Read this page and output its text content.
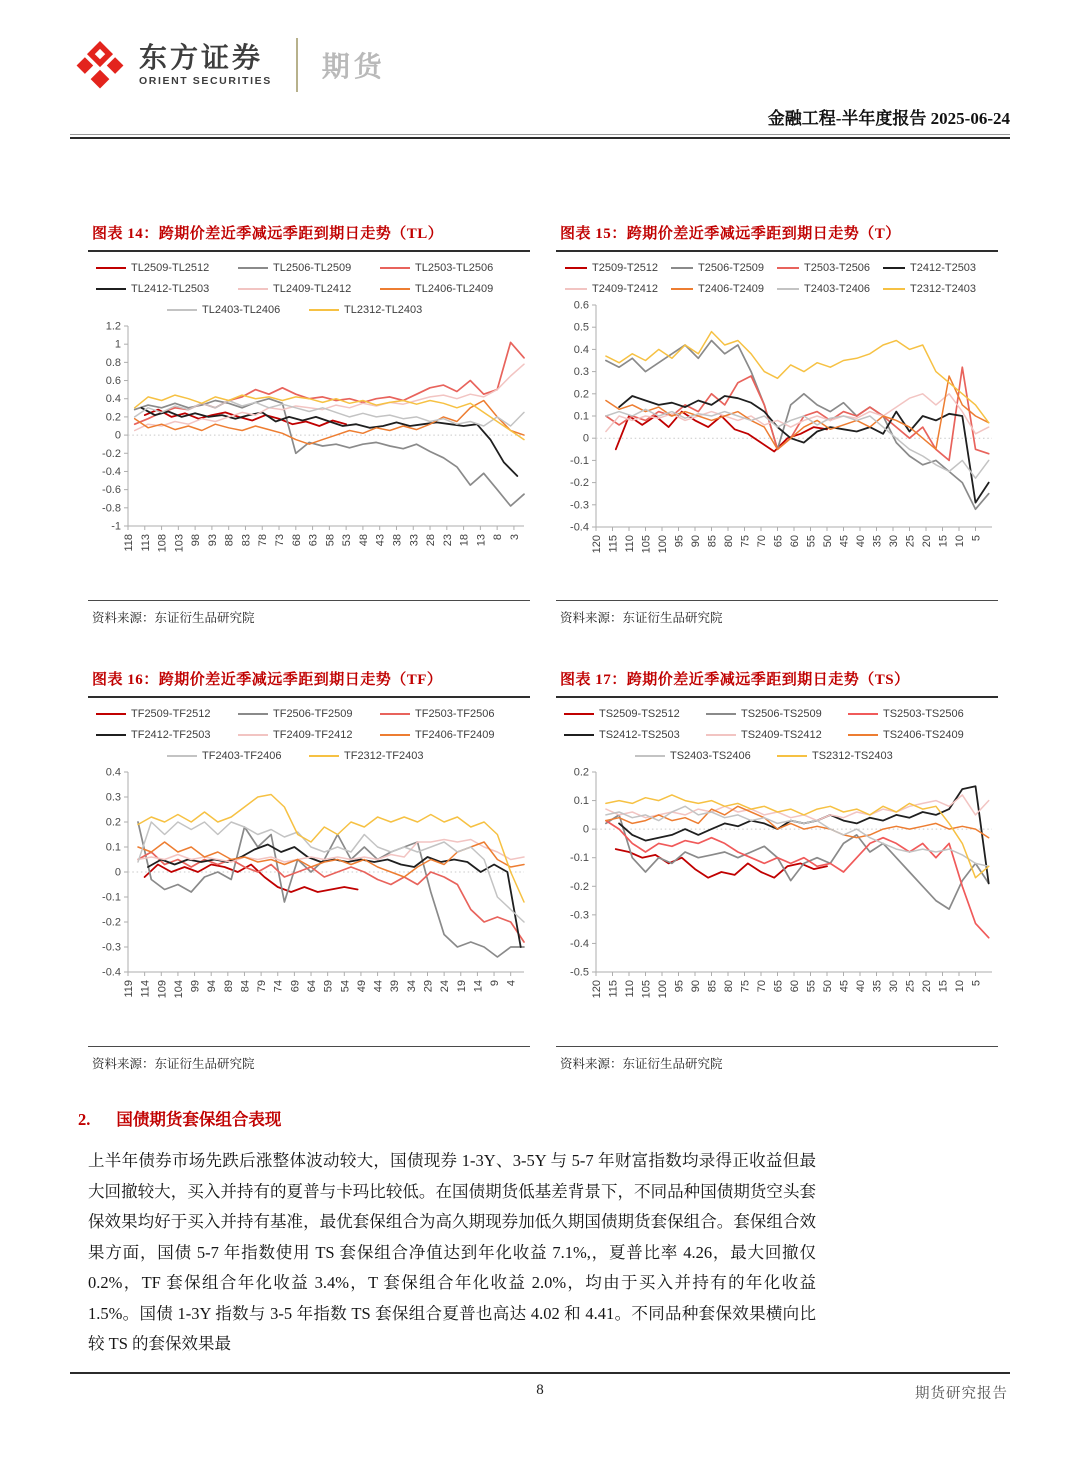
东方证券
ORIENT SECURITIES 期货
金融工程-半年度报告 2025-06-24
图表 14：跨期价差近季减远季距到期日走势（TL）
TL2509-TL2512	TL2506-TL2509	TL2503-TL2506
TL2412-TL2503	TL2409-TL2412	TL2406-TL2409
TL2403-TL2406	TL2312-TL2403
1.2
1
0.8
0.6
0.4
0.2
0
-0.2
-0.4
-0.6
-0.8
-1
118 113 108 103 98 93 88 83 78 73 68 63 58 53 48 43 38 33 28 23 18 13 8 3
资料来源：东证衍生品研究院
图表 15：跨期价差近季减远季距到期日走势（T）
T2509-T2512	T2506-T2509	T2503-T2506	T2412-T2503
T2409-T2412	T2406-T2409	T2403-T2406	T2312-T2403
0.6
0.5
0.4
0.3
0.2
0.1
0
-0.1
-0.2
-0.3
-0.4
120 115 110 105 100 95 90 85 80 75 70 65 60 55 50 45 40 35 30 25 20 15 10 5
资料来源：东证衍生品研究院
图表 16：跨期价差近季减远季距到期日走势（TF）
TF2509-TF2512	TF2506-TF2509	TF2503-TF2506
TF2412-TF2503	TF2409-TF2412	TF2406-TF2409
TF2403-TF2406	TF2312-TF2403
0.4
0.3
0.2
0.1
0
-0.1
-0.2
-0.3
-0.4
119 114 109 104 99 94 89 84 79 74 69 64 59 54 49 44 39 34 29 24 19 14 9 4
资料来源：东证衍生品研究院
图表 17：跨期价差近季减远季距到期日走势（TS）
TS2509-TS2512	TS2506-TS2509	TS2503-TS2506
TS2412-TS2503	TS2409-TS2412	TS2406-TS2409
TS2403-TS2406	TS2312-TS2403
0.2
0.1
0
-0.1
-0.2
-0.3
-0.4
-0.5
120 115 110 105 100 95 90 85 80 75 70 65 60 55 50 45 40 35 30 25 20 15 10 5
资料来源：东证衍生品研究院
2. 国债期货套保组合表现
上半年债券市场先跌后涨整体波动较大，国债现券 1-3Y、3-5Y 与 5-7 年财富指数均录得正收益但最大回撤较大，买入并持有的夏普与卡玛比较低。在国债期货低基差背景下，不同品种国债期货空头套保效果均好于买入并持有基准，最优套保组合为高久期现券加低久期国债期货套保组合。套保组合效果方面，国债 5-7 年指数使用 TS 套保组合净值达到年化收益 7.1%,，夏普比率 4.26，最大回撤仅 0.2%，TF 套保组合年化收益 3.4%，T 套保组合年化收益 2.0%，均由于买入并持有的年化收益 1.5%。国债 1-3Y 指数与 3-5 年指数 TS 套保组合夏普也高达 4.02 和 4.41。不同品种套保效果横向比较 TS 的套保效果最
8	期货研究报告
